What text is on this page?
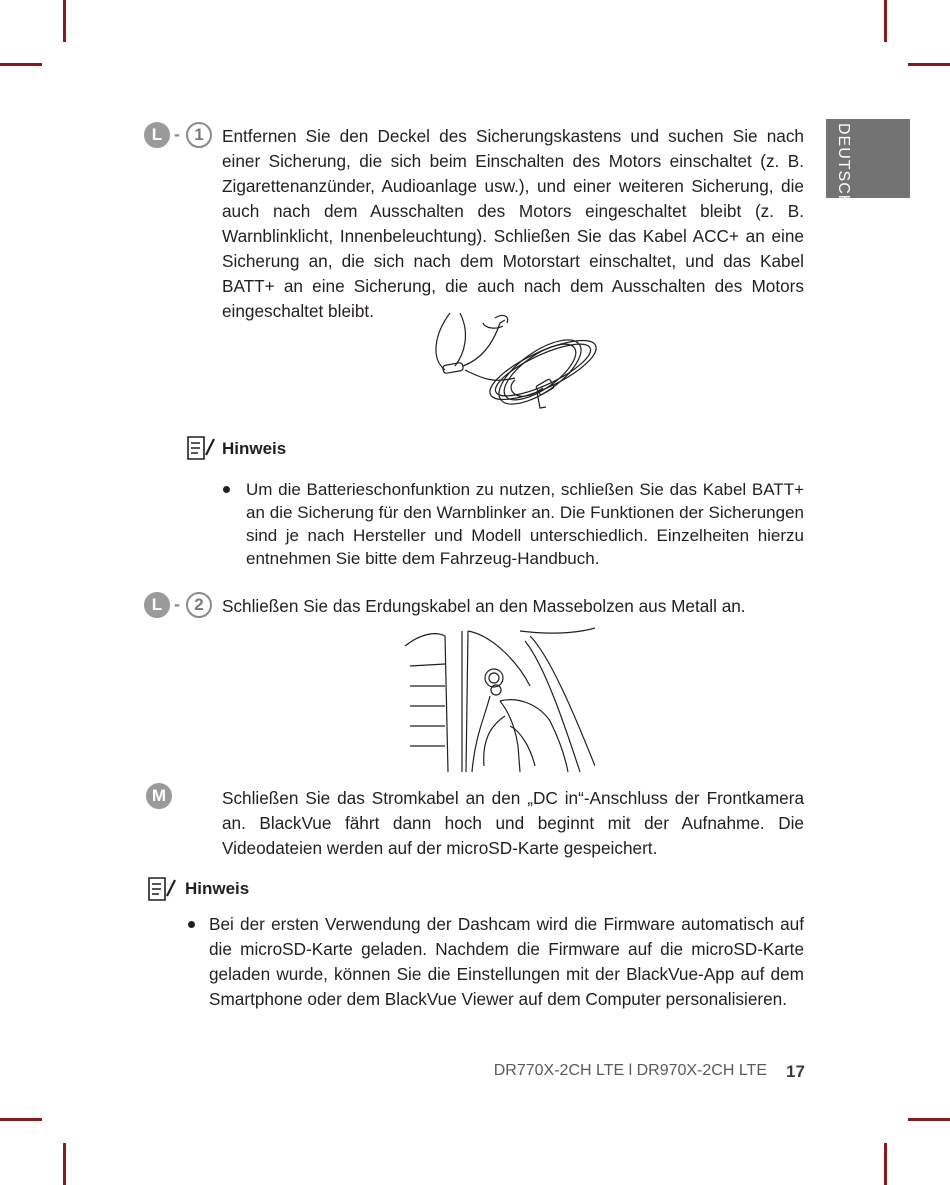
DEUTSCH
L - 1	Entfernen Sie den Deckel des Sicherungskastens und suchen Sie nach einer Sicherung, die sich beim Einschalten des Motors einschaltet (z. B. Zigarettenanzünder, Audioanlage usw.), und einer weiteren Sicherung, die auch nach dem Ausschalten des Motors eingeschaltet bleibt (z. B. Warnblinklicht, Innenbeleuchtung). Schließen Sie das Kabel ACC+ an eine Sicherung an, die sich nach dem Motorstart einschaltet, und das Kabel BATT+ an eine Sicherung, die auch nach dem Ausschalten des Motors eingeschaltet bleibt.
Hinweis
Um die Batterieschonfunktion zu nutzen, schließen Sie das Kabel BATT+ an die Sicherung für den Warnblinker an. Die Funktionen der Sicherungen sind je nach Hersteller und Modell unterschiedlich. Einzelheiten hierzu entnehmen Sie bitte dem Fahrzeug-Handbuch.
L - 2	Schließen Sie das Erdungskabel an den Massebolzen aus Metall an.
M	Schließen Sie das Stromkabel an den „DC in“-Anschluss der Frontkamera an. BlackVue fährt dann hoch und beginnt mit der Aufnahme. Die Videodateien werden auf der microSD-Karte gespeichert.
Hinweis
Bei der ersten Verwendung der Dashcam wird die Firmware automatisch auf die microSD-Karte geladen. Nachdem die Firmware auf die microSD-Karte geladen wurde, können Sie die Einstellungen mit der BlackVue-App auf dem Smartphone oder dem BlackVue Viewer auf dem Computer personalisieren.
DR770X-2CH LTE l DR970X-2CH LTE 17
